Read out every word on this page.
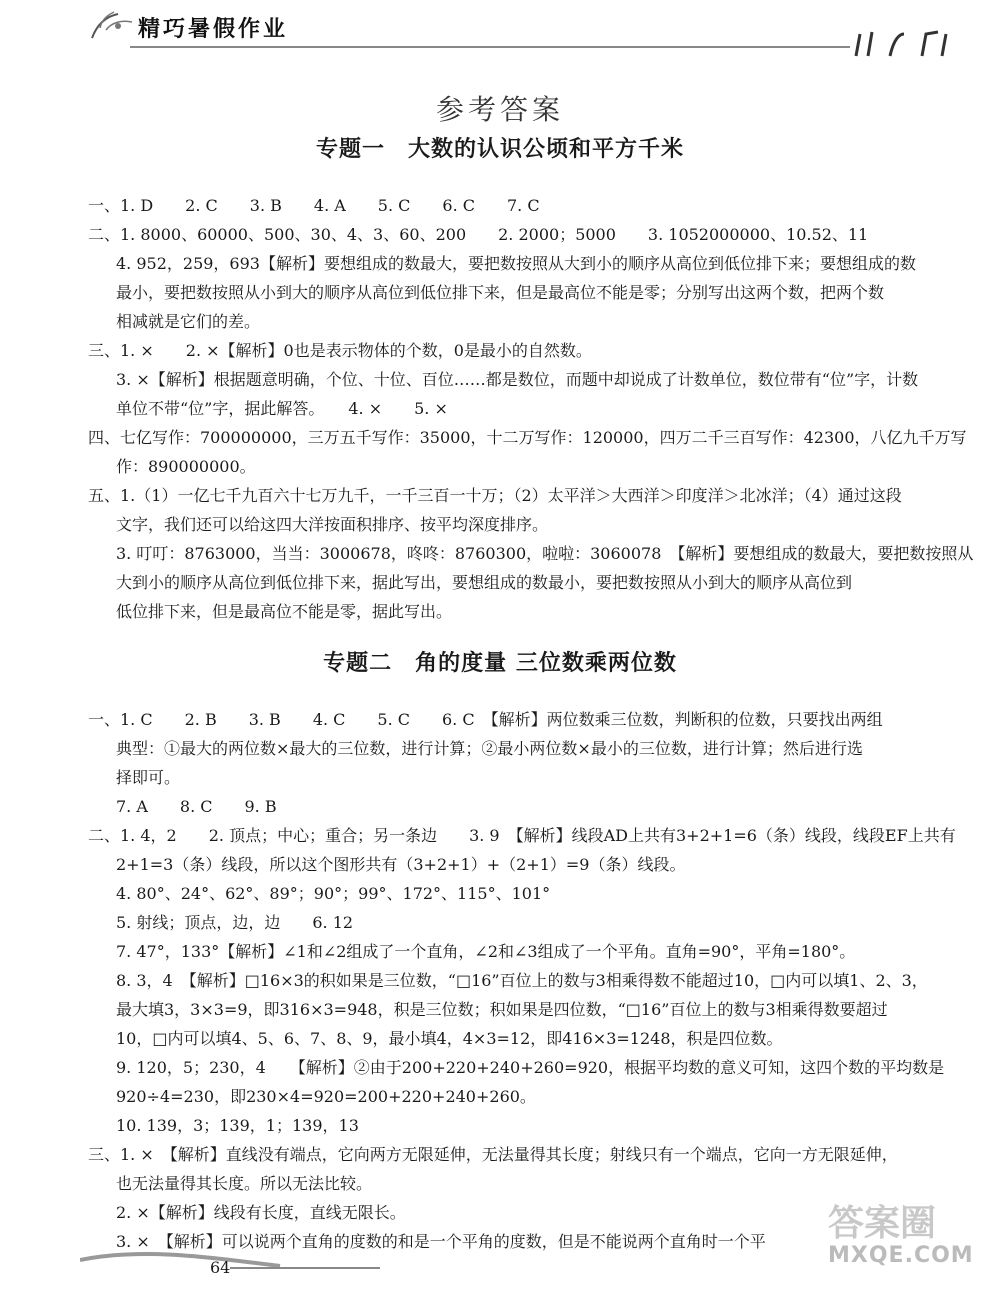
精巧暑假作业
参考答案
专题一　大数的认识公顷和平方千米
一、1. D　　2. C　　3. B　　4. A　　5. C　　6. C　　7. C
二、1. 8000、60000、500、30、4、3、60、200　　2. 2000；5000　　3. 1052000000、10.52、11
4. 952，259，693【解析】要想组成的数最大，要把数按照从大到小的顺序从高位到低位排下来；要想组成的数
最小，要把数按照从小到大的顺序从高位到低位排下来，但是最高位不能是零；分别写出这两个数，把两个数
相减就是它们的差。
三、1. ×　　2. ×【解析】0也是表示物体的个数，0是最小的自然数。
3. ×【解析】根据题意明确，个位、十位、百位……都是数位，而题中却说成了计数单位，数位带有“位”字，计数
单位不带“位”字，据此解答。　　4. ×　　5. ×
四、七亿写作：700000000，三万五千写作：35000，十二万写作：120000，四万二千三百写作：42300，八亿九千万写
作：890000000。
五、1.（1）一亿七千九百六十七万九千，一千三百一十万；（2）太平洋＞大西洋＞印度洋＞北冰洋；（4）通过这段
文字，我们还可以给这四大洋按面积排序、按平均深度排序。
3. 叮叮：8763000，当当：3000678，咚咚：8760300，啦啦：3060078　【解析】要想组成的数最大，要把数按照从
大到小的顺序从高位到低位排下来，据此写出，要想组成的数最小，要把数按照从小到大的顺序从高位到
低位排下来，但是最高位不能是零，据此写出。
专题二　角的度量 三位数乘两位数
一、1. C　　2. B　　3. B　　4. C　　5. C　　6. C　【解析】两位数乘三位数，判断积的位数，只要找出两组
典型：①最大的两位数×最大的三位数，进行计算；②最小两位数×最小的三位数，进行计算；然后进行选
择即可。
7. A　　8. C　　9. B
二、1. 4，2　　2. 顶点；中心；重合；另一条边　　3. 9　【解析】线段AD上共有3+2+1=6（条）线段，线段EF上共有
2+1=3（条）线段，所以这个图形共有（3+2+1）+（2+1）=9（条）线段。
4. 80°、24°、62°、89°；90°；99°、172°、115°、101°
5. 射线；顶点，边，边　　6. 12
7. 47°，133°【解析】∠1和∠2组成了一个直角，∠2和∠3组成了一个平角。直角=90°，平角=180°。
8. 3，4　【解析】□16×3的积如果是三位数，“□16”百位上的数与3相乘得数不能超过10，□内可以填1、2、3，
最大填3，3×3=9，即316×3=948，积是三位数；积如果是四位数，“□16”百位上的数与3相乘得数要超过
10，□内可以填4、5、6、7、8、9，最小填4，4×3=12，即416×3=1248，积是四位数。
9. 120，5；230，4　　【解析】②由于200+220+240+260=920，根据平均数的意义可知，这四个数的平均数是
920÷4=230，即230×4=920=200+220+240+260。
10. 139，3；139，1；139，13
三、1. ×　【解析】直线没有端点，它向两方无限延伸，无法量得其长度；射线只有一个端点，它向一方无限延伸，
也无法量得其长度。所以无法比较。
2. ×【解析】线段有长度，直线无限长。
3. ×　【解析】可以说两个直角的度数的和是一个平角的度数，但是不能说两个直角时一个平
64
答案圈
MXQE.COM
